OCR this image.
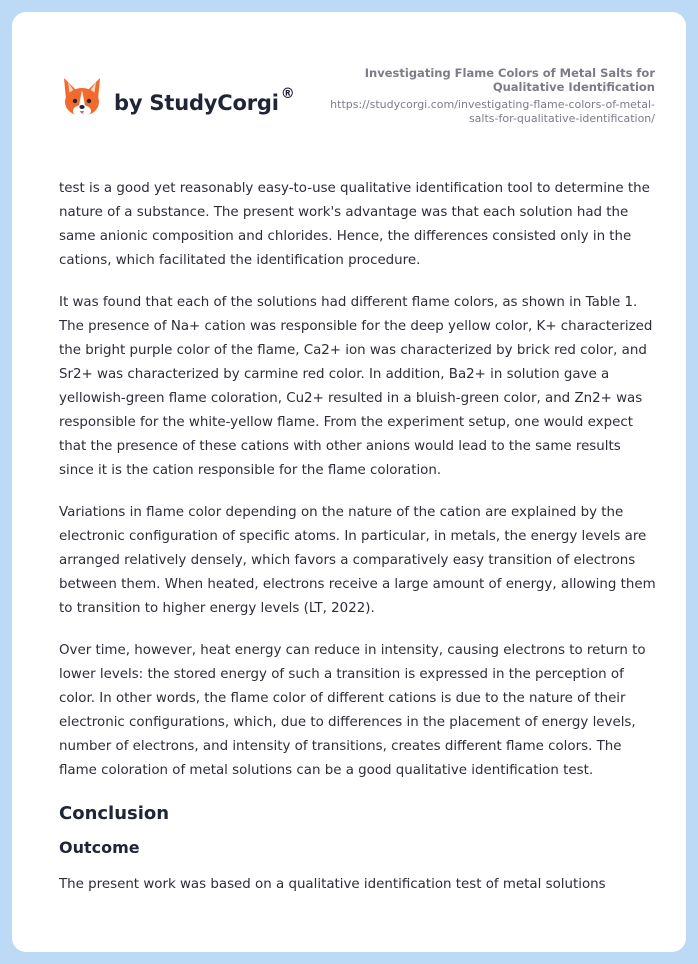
by StudyCorgi ®
Investigating Flame Colors of Metal Salts for Qualitative Identification
https://studycorgi.com/investigating-flame-colors-of-metal-salts-for-qualitative-identification/

test is a good yet reasonably easy-to-use qualitative identification tool to determine the nature of a substance. The present work's advantage was that each solution had the same anionic composition and chlorides. Hence, the differences consisted only in the cations, which facilitated the identification procedure.

It was found that each of the solutions had different flame colors, as shown in Table 1. The presence of Na+ cation was responsible for the deep yellow color, K+ characterized the bright purple color of the flame, Ca2+ ion was characterized by brick red color, and Sr2+ was characterized by carmine red color. In addition, Ba2+ in solution gave a yellowish-green flame coloration, Cu2+ resulted in a bluish-green color, and Zn2+ was responsible for the white-yellow flame. From the experiment setup, one would expect that the presence of these cations with other anions would lead to the same results since it is the cation responsible for the flame coloration.

Variations in flame color depending on the nature of the cation are explained by the electronic configuration of specific atoms. In particular, in metals, the energy levels are arranged relatively densely, which favors a comparatively easy transition of electrons between them. When heated, electrons receive a large amount of energy, allowing them to transition to higher energy levels (LT, 2022).

Over time, however, heat energy can reduce in intensity, causing electrons to return to lower levels: the stored energy of such a transition is expressed in the perception of color. In other words, the flame color of different cations is due to the nature of their electronic configurations, which, due to differences in the placement of energy levels, number of electrons, and intensity of transitions, creates different flame colors. The flame coloration of metal solutions can be a good qualitative identification test.

Conclusion
Outcome

The present work was based on a qualitative identification test of metal solutions
